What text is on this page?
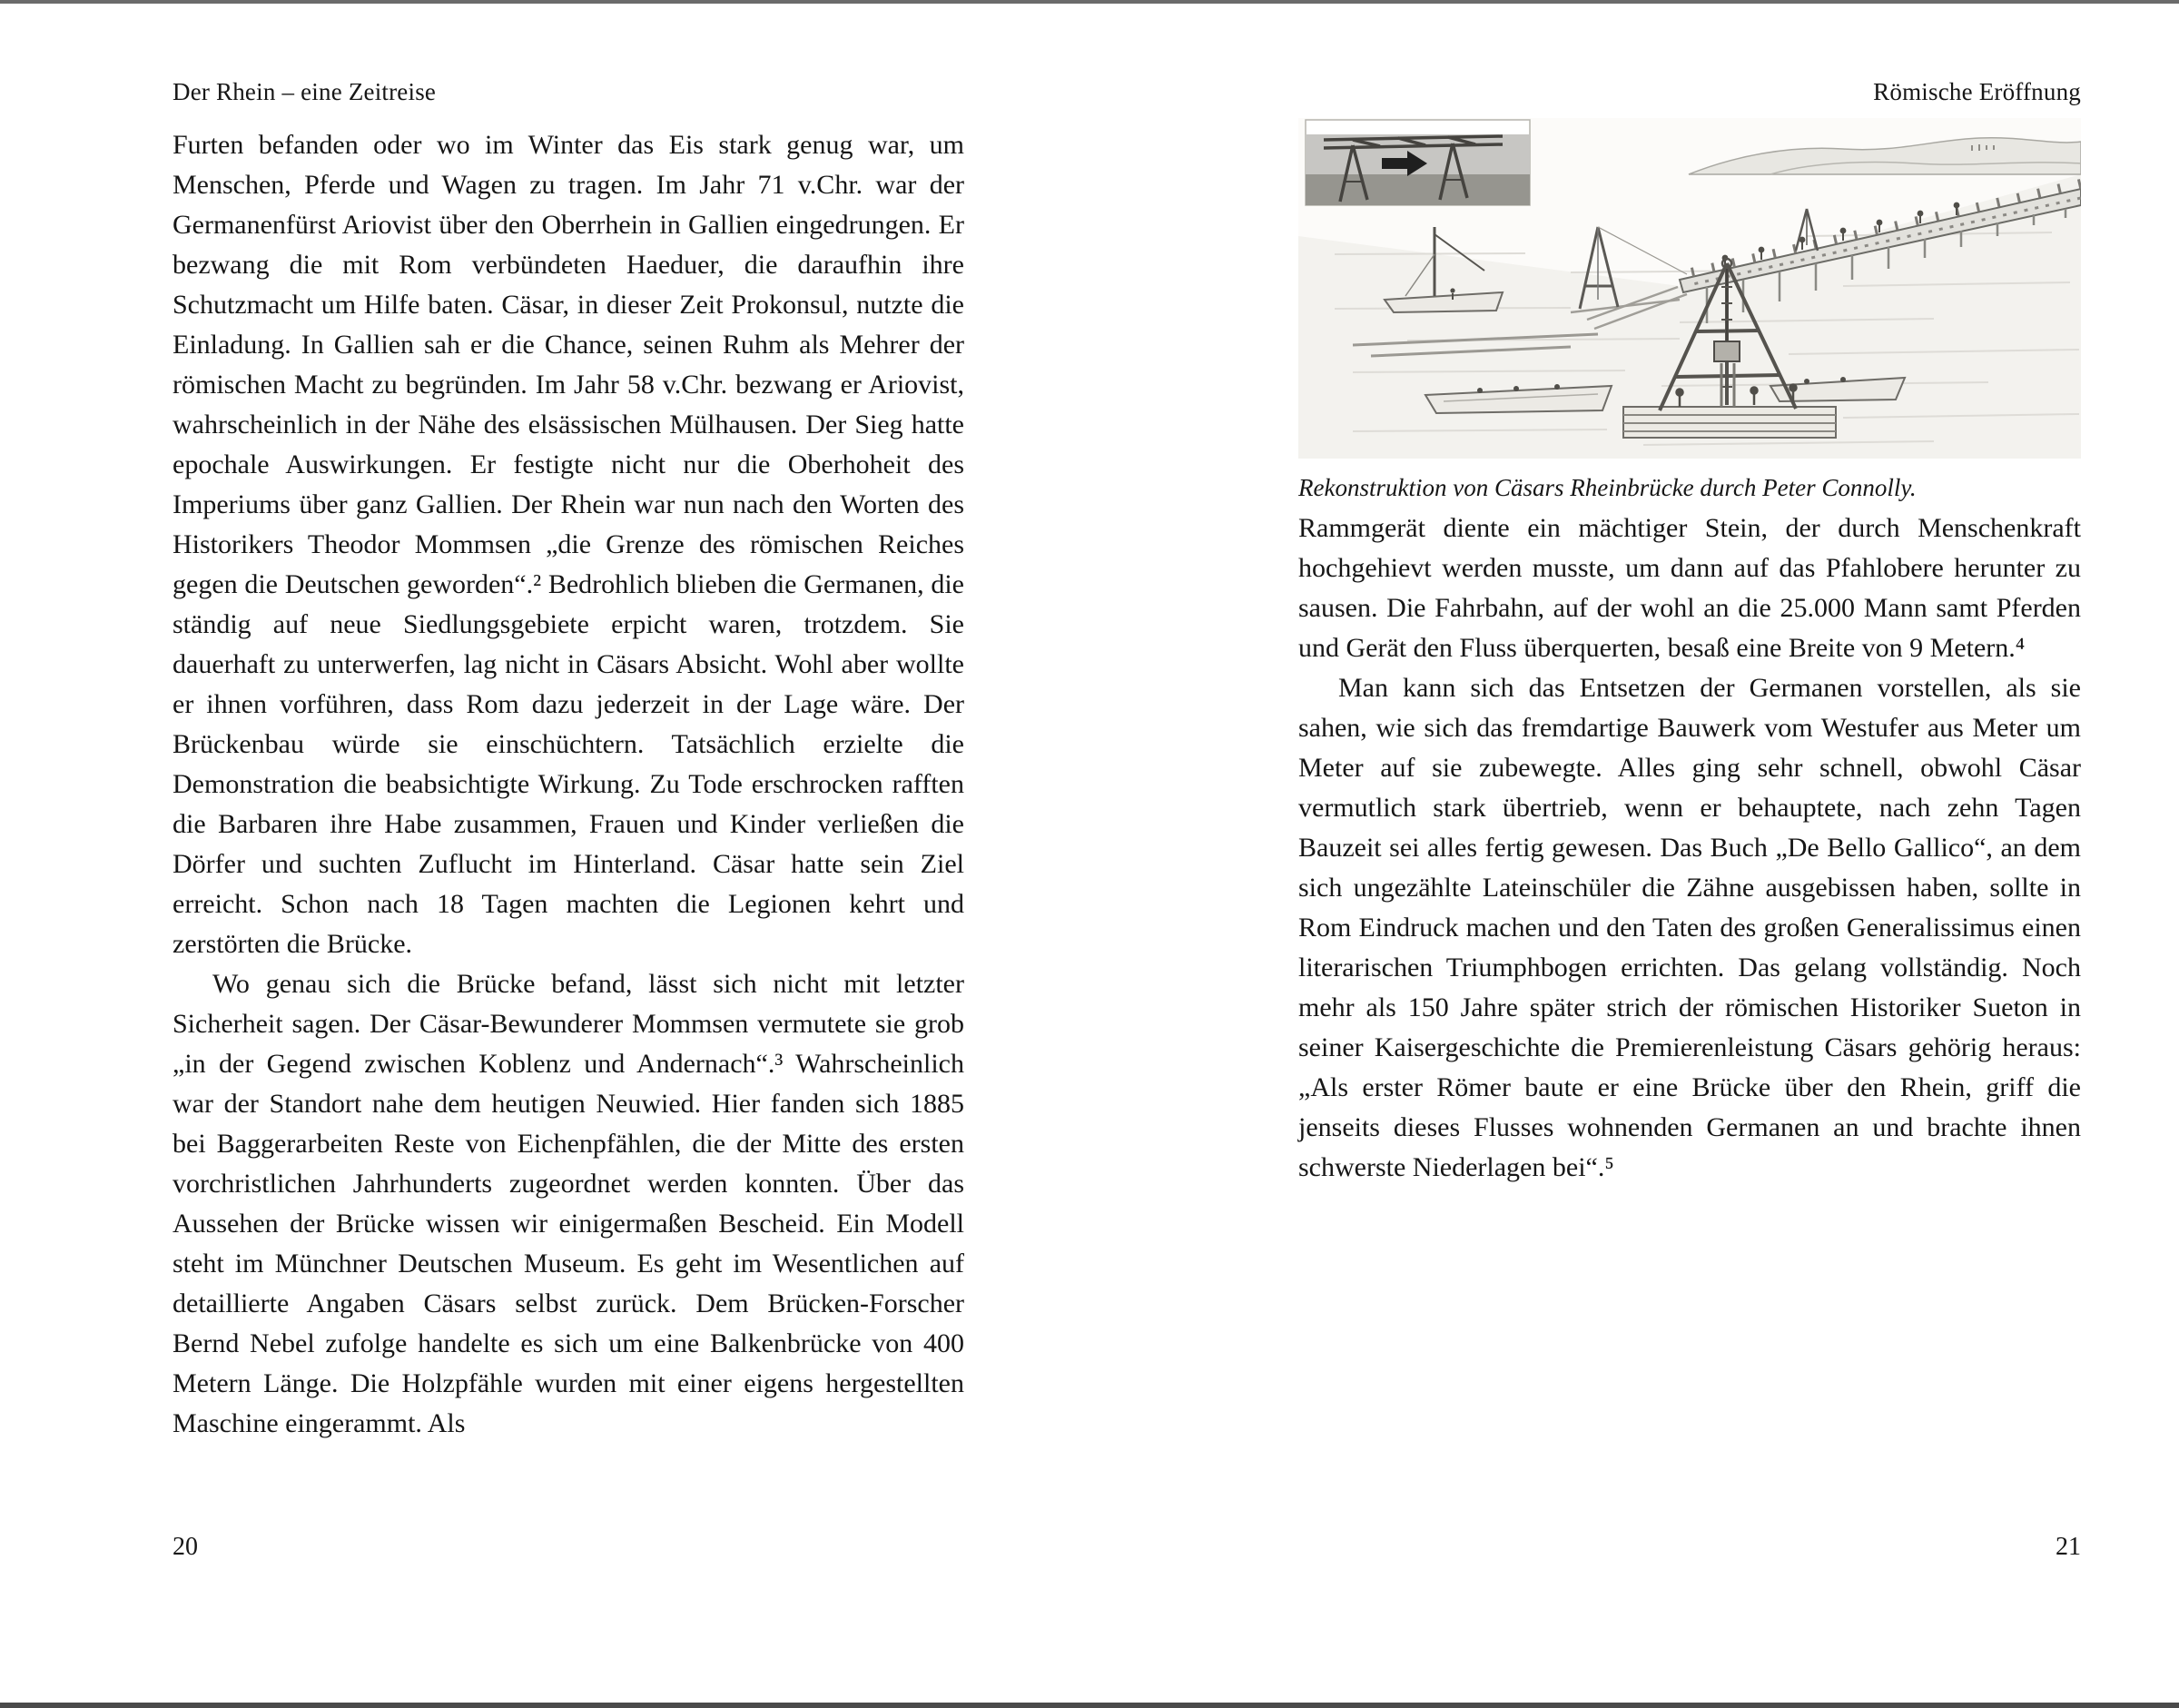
Der Rhein – eine Zeitreise

Furten befanden oder wo im Winter das Eis stark genug war, um Menschen, Pferde und Wagen zu tragen. Im Jahr 71 v.Chr. war der Germanenfürst Ariovist über den Oberrhein in Gallien eingedrungen. Er bezwang die mit Rom verbündeten Haeduer, die daraufhin ihre Schutzmacht um Hilfe baten. Cäsar, in dieser Zeit Prokonsul, nutzte die Einladung. In Gallien sah er die Chance, seinen Ruhm als Mehrer der römischen Macht zu begründen. Im Jahr 58 v.Chr. bezwang er Ariovist, wahrscheinlich in der Nähe des elsässischen Mülhausen. Der Sieg hatte epochale Auswirkungen. Er festigte nicht nur die Oberhoheit des Imperiums über ganz Gallien. Der Rhein war nun nach den Worten des Historikers Theodor Mommsen „die Grenze des römischen Reiches gegen die Deutschen geworden“.² Bedrohlich blieben die Germanen, die ständig auf neue Siedlungsgebiete erpicht waren, trotzdem. Sie dauerhaft zu unterwerfen, lag nicht in Cäsars Absicht. Wohl aber wollte er ihnen vorführen, dass Rom dazu jederzeit in der Lage wäre. Der Brückenbau würde sie einschüchtern. Tatsächlich erzielte die Demonstration die beabsichtigte Wirkung. Zu Tode erschrocken rafften die Barbaren ihre Habe zusammen, Frauen und Kinder verließen die Dörfer und suchten Zuflucht im Hinterland. Cäsar hatte sein Ziel erreicht. Schon nach 18 Tagen machten die Legionen kehrt und zerstörten die Brücke.

Wo genau sich die Brücke befand, lässt sich nicht mit letzter Sicherheit sagen. Der Cäsar-Bewunderer Mommsen vermutete sie grob „in der Gegend zwischen Koblenz und Andernach“.³ Wahrscheinlich war der Standort nahe dem heutigen Neuwied. Hier fanden sich 1885 bei Baggerarbeiten Reste von Eichenpfählen, die der Mitte des ersten vorchristlichen Jahrhunderts zugeordnet werden konnten. Über das Aussehen der Brücke wissen wir einigermaßen Bescheid. Ein Modell steht im Münchner Deutschen Museum. Es geht im Wesentlichen auf detaillierte Angaben Cäsars selbst zurück. Dem Brücken-Forscher Bernd Nebel zufolge handelte es sich um eine Balkenbrücke von 400 Metern Länge. Die Holzpfähle wurden mit einer eigens hergestellten Maschine eingerammt. Als

20
Römische Eröffnung
Rekonstruktion von Cäsars Rheinbrücke durch Peter Connolly.

Rammgerät diente ein mächtiger Stein, der durch Menschenkraft hochgehievt werden musste, um dann auf das Pfahlobere herunter zu sausen. Die Fahrbahn, auf der wohl an die 25.000 Mann samt Pferden und Gerät den Fluss überquerten, besaß eine Breite von 9 Metern.⁴

Man kann sich das Entsetzen der Germanen vorstellen, als sie sahen, wie sich das fremdartige Bauwerk vom Westufer aus Meter um Meter auf sie zubewegte. Alles ging sehr schnell, obwohl Cäsar vermutlich stark übertrieb, wenn er behauptete, nach zehn Tagen Bauzeit sei alles fertig gewesen. Das Buch „De Bello Gallico“, an dem sich ungezählte Lateinschüler die Zähne ausgebissen haben, sollte in Rom Eindruck machen und den Taten des großen Generalissimus einen literarischen Triumphbogen errichten. Das gelang vollständig. Noch mehr als 150 Jahre später strich der römischen Historiker Sueton in seiner Kaisergeschichte die Premierenleistung Cäsars gehörig heraus: „Als erster Römer baute er eine Brücke über den Rhein, griff die jenseits dieses Flusses wohnenden Germanen an und brachte ihnen schwerste Niederlagen bei“.⁵

21
